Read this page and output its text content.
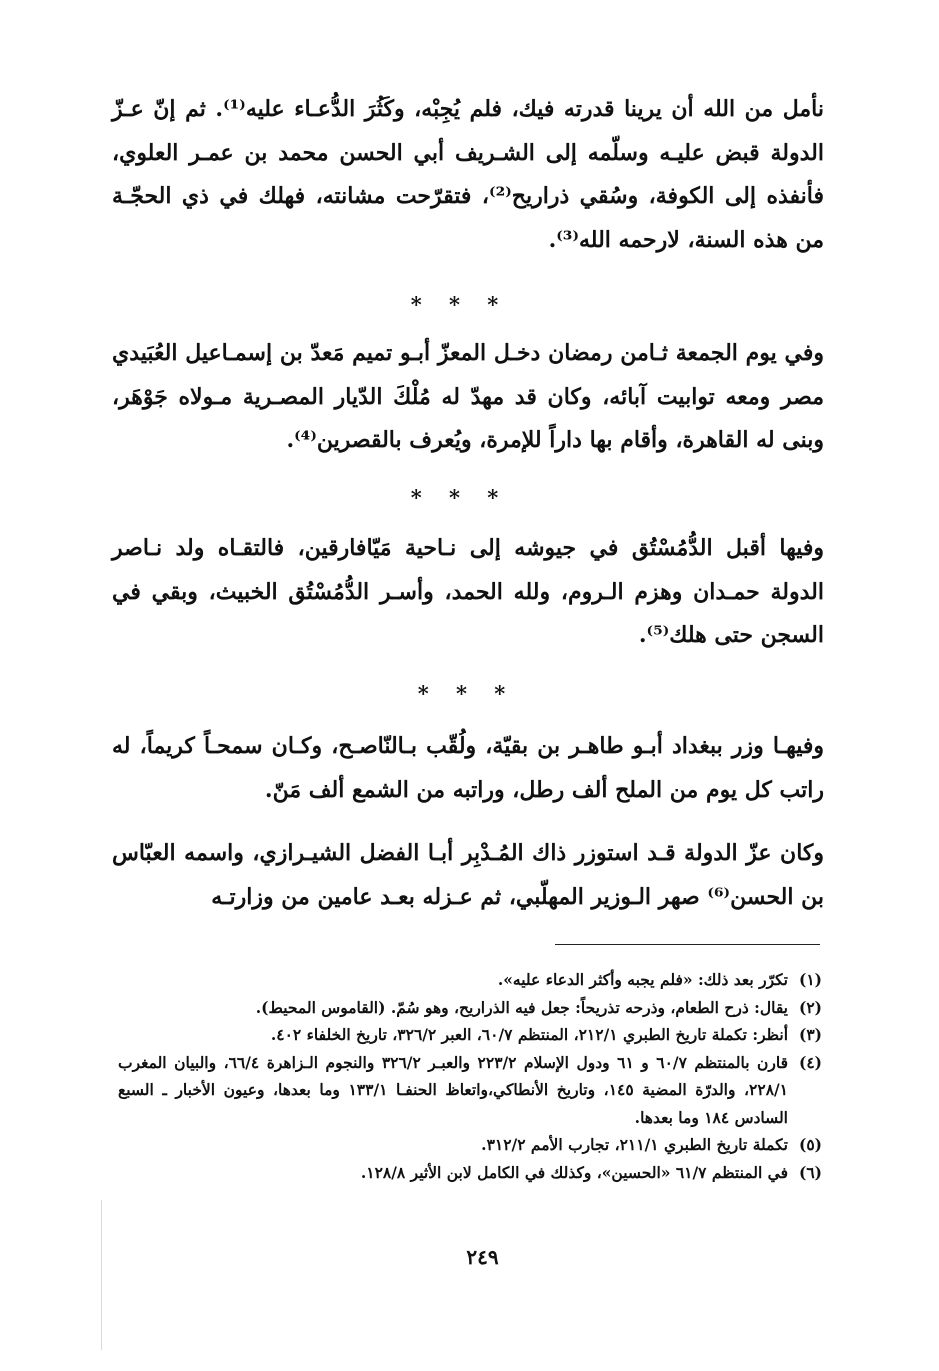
نأمل من الله أن يرينا قدرته فيك، فلم يُجِبْه، وكَثُرَ الدُّعـاء عليه⁽¹⁾. ثم إنّ عـزّ الدولة قبض عليـه وسلّمه إلى الشـريف أبي الحسن محمد بن عمـر العلوي، فأنفذه إلى الكوفة، وسُقي ذراريح⁽²⁾، فتقرّحت مشانته، فهلك في ذي الحجّـة من هذه السنة، لارحمه الله⁽³⁾.

* * *

وفي يوم الجمعة ثـامن رمضان دخـل المعزّ أبـو تميم مَعدّ بن إسمـاعيل العُبَيدي مصر ومعه توابيت آبائه، وكان قد مهدّ له مُلْكَ الدّيار المصـرية مـولاه جَوْهَر، وبنى له القاهرة، وأقام بها داراً للإمرة، ويُعرف بالقصرين⁽⁴⁾.

* * *

وفيها أقبل الدُّمُسْتُق في جيوشه إلى نـاحية مَيّافارقين، فالتقـاه ولد نـاصر الدولة حمـدان وهزم الـروم، ولله الحمد، وأسـر الدُّمُسْتُق الخبيث، وبقي في السجن حتى هلك⁽⁵⁾.

* * *

وفيهـا وزر ببغداد أبـو طاهـر بن بقيّة، ولُقّب بـالنّاصـح، وكـان سمحـاً كريماً، له راتب كل يوم من الملح ألف رطل، وراتبه من الشمع ألف مَنّ.

وكان عزّ الدولة قـد استوزر ذاك المُـدْبِر أبـا الفضل الشيـرازي، واسمه العبّاس بن الحسن⁽⁶⁾ صهر الـوزير المهلّبي، ثم عـزله بعـد عامين من وزارتـه

(١)
تكرّر بعد ذلك: «فلم يجبه وأكثر الدعاء عليه».
(٢)
يقال: ذرح الطعام، وذرحه تذريحاً: جعل فيه الذراريح، وهو سُمّ. (القاموس المحيط).
(٣)
أنظر: تكملة تاريخ الطبري ٢١٢/١، المنتظم ٦٠/٧، العبر ٣٢٦/٢، تاريخ الخلفاء ٤٠٢.
(٤)
قارن بالمنتظم ٦٠/٧ و ٦١ ودول الإسلام ٢٢٣/٢ والعبـر ٣٢٦/٢ والنجوم الـزاهرة ٦٦/٤، والبيان المغرب ٢٢٨/١، والدرّة المضية ١٤٥، وتاريخ الأنطاكي،واتعاظ الحنفـا ١٣٣/١ وما بعدها، وعيون الأخبار ـ السبع السادس ١٨٤ وما بعدها.
(٥)
تكملة تاريخ الطبري ٢١١/١، تجارب الأمم ٣١٢/٢.
(٦)
في المنتظم ٦١/٧ «الحسين»، وكذلك في الكامل لابن الأثير ١٢٨/٨.
٢٤٩
